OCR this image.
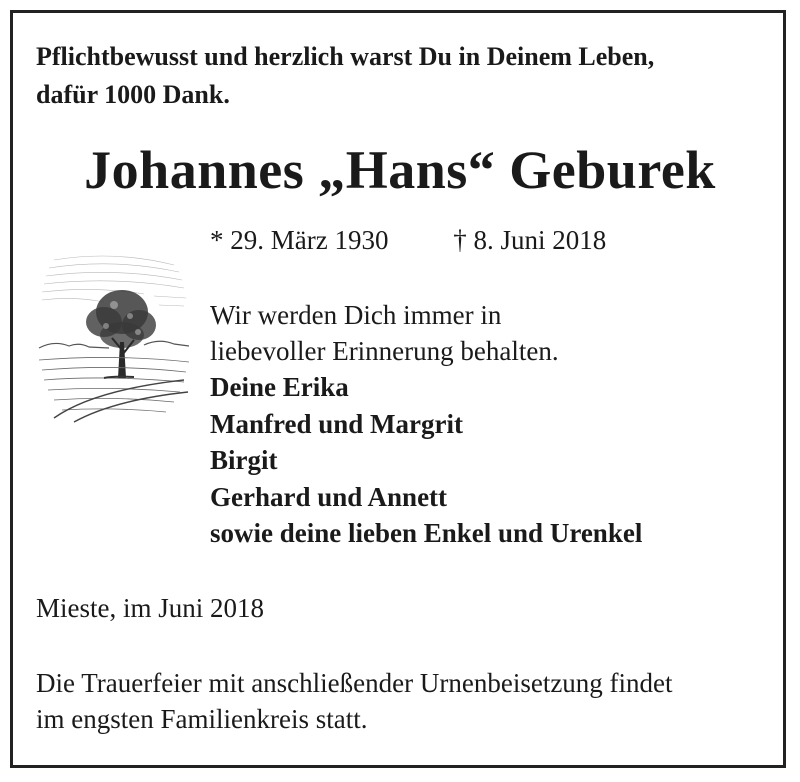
Pflichtbewusst und herzlich warst Du in Deinem Leben,
dafür 1000 Dank.
Johannes „Hans“ Geburek
* 29. März 1930 † 8. Juni 2018
Wir werden Dich immer in
liebevoller Erinnerung behalten.
Deine Erika
Manfred und Margrit
Birgit
Gerhard und Annett
sowie deine lieben Enkel und Urenkel
Mieste, im Juni 2018
Die Trauerfeier mit anschließender Urnenbeisetzung findet
im engsten Familienkreis statt.
